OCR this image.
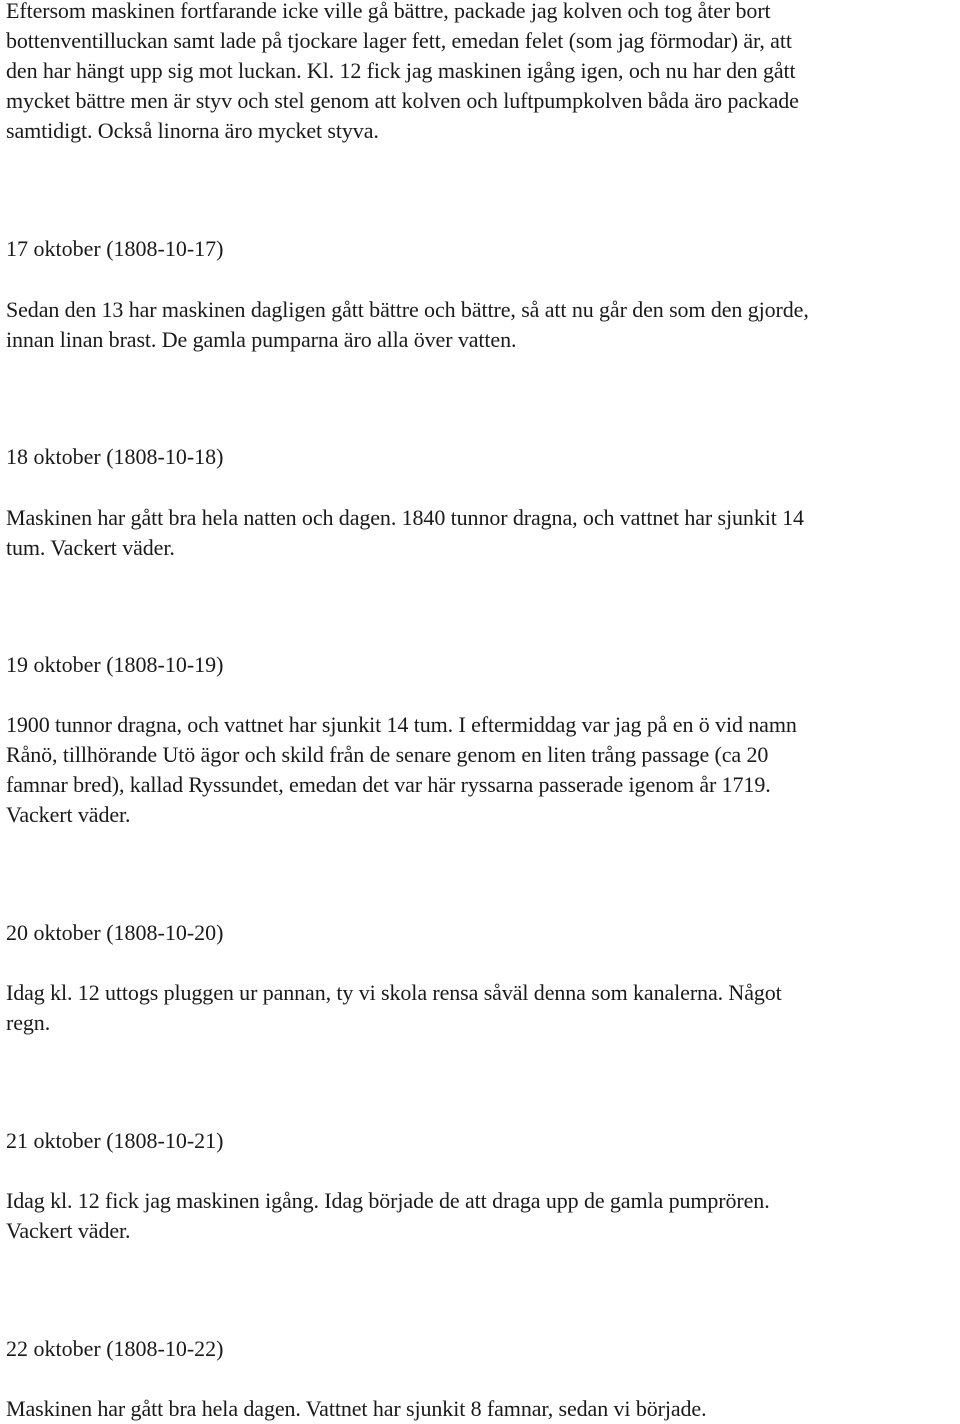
Eftersom maskinen fortfarande icke ville gå bättre, packade jag kolven och tog åter bort
bottenventilluckan samt lade på tjockare lager fett, emedan felet (som jag förmodar) är, att
den har hängt upp sig mot luckan. Kl. 12 fick jag maskinen igång igen, och nu har den gått
mycket bättre men är styv och stel genom att kolven och luftpumpkolven båda äro packade
samtidigt. Också linorna äro mycket styva.

17 oktober (1808-10-17)

Sedan den 13 har maskinen dagligen gått bättre och bättre, så att nu går den som den gjorde,
innan linan brast. De gamla pumparna äro alla över vatten.

18 oktober (1808-10-18)

Maskinen har gått bra hela natten och dagen. 1840 tunnor dragna, och vattnet har sjunkit 14
tum. Vackert väder.

19 oktober (1808-10-19)

1900 tunnor dragna, och vattnet har sjunkit 14 tum. I eftermiddag var jag på en ö vid namn
Rånö, tillhörande Utö ägor och skild från de senare genom en liten trång passage (ca 20
famnar bred), kallad Ryssundet, emedan det var här ryssarna passerade igenom år 1719.
Vackert väder.

20 oktober (1808-10-20)

Idag kl. 12 uttogs pluggen ur pannan, ty vi skola rensa såväl denna som kanalerna. Något
regn.

21 oktober (1808-10-21)

Idag kl. 12 fick jag maskinen igång. Idag började de att draga upp de gamla pumprören.
Vackert väder.

22 oktober (1808-10-22)

Maskinen har gått bra hela dagen. Vattnet har sjunkit 8 famnar, sedan vi började.
